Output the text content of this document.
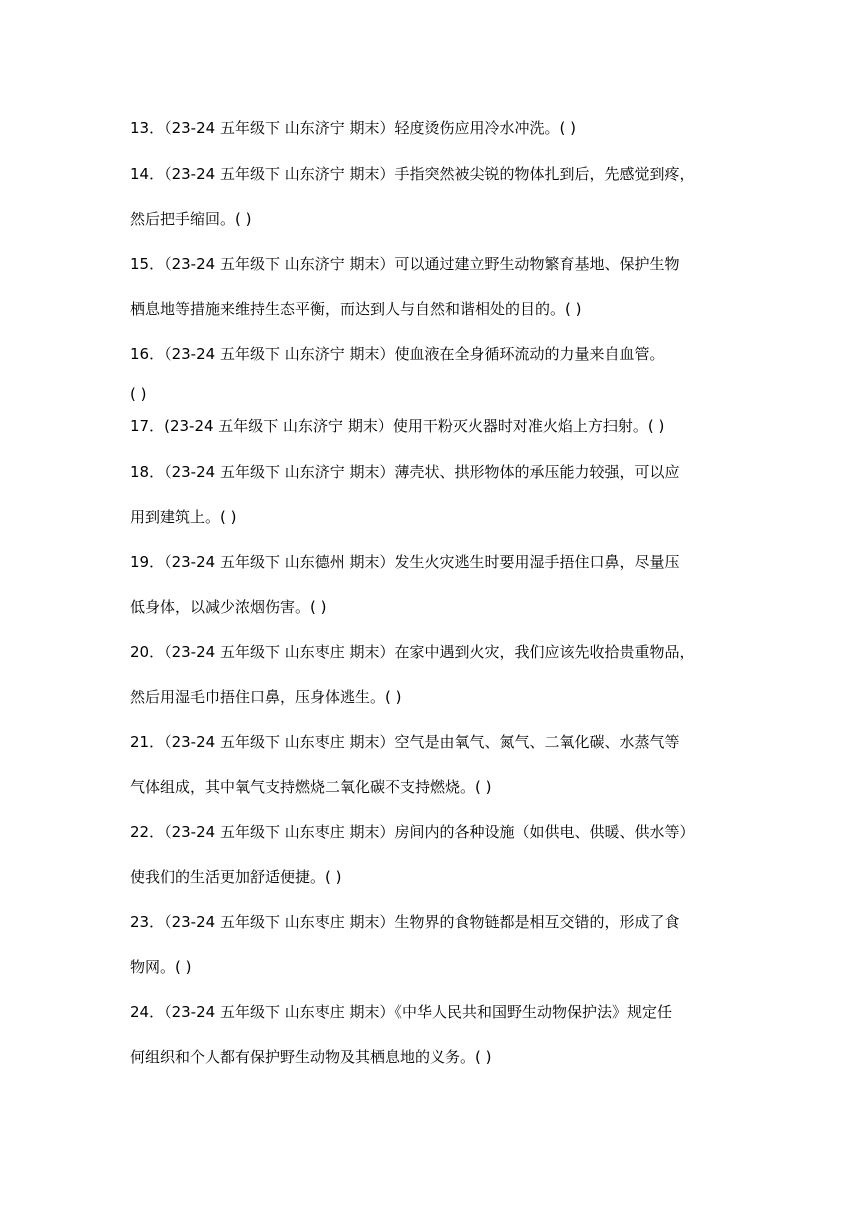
13．（23-24 五年级下 山东济宁 期末）轻度烫伤应用冷水冲洗。( )
14．（23-24 五年级下 山东济宁 期末）手指突然被尖锐的物体扎到后，先感觉到疼，
然后把手缩回。( )
15．（23-24 五年级下 山东济宁 期末）可以通过建立野生动物繁育基地、保护生物
栖息地等措施来维持生态平衡，而达到人与自然和谐相处的目的。( )
16．（23-24 五年级下 山东济宁 期末）使血液在全身循环流动的力量来自血管。
( )
17．(23-24 五年级下 山东济宁 期末）使用干粉灭火器时对准火焰上方扫射。( )
18．（23-24 五年级下 山东济宁 期末）薄壳状、拱形物体的承压能力较强，可以应
用到建筑上。( )
19．（23-24 五年级下 山东德州 期末）发生火灾逃生时要用湿手捂住口鼻，尽量压
低身体，以减少浓烟伤害。( )
20．（23-24 五年级下 山东枣庄 期末）在家中遇到火灾，我们应该先收拾贵重物品，
然后用湿毛巾捂住口鼻，压身体逃生。( )
21．（23-24 五年级下 山东枣庄 期末）空气是由氧气、氮气、二氧化碳、水蒸气等
气体组成，其中氧气支持燃烧二氧化碳不支持燃烧。( )
22．（23-24 五年级下 山东枣庄 期末）房间内的各种设施（如供电、供暖、供水等）
使我们的生活更加舒适便捷。( )
23．（23-24 五年级下 山东枣庄 期末）生物界的食物链都是相互交错的，形成了食
物网。( )
24．（23-24 五年级下 山东枣庄 期末）《中华人民共和国野生动物保护法》规定任
何组织和个人都有保护野生动物及其栖息地的义务。( )
